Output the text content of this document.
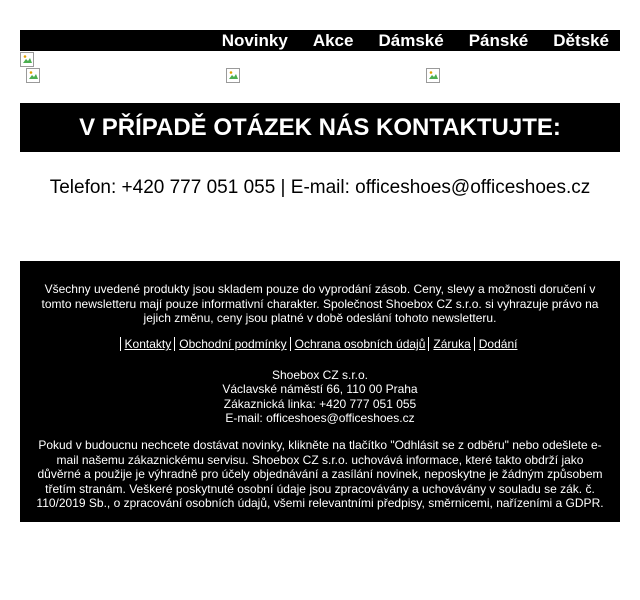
Novinky Akce Dámské Pánské Dětské
V PŘÍPADĚ OTÁZEK NÁS KONTAKTUJTE:
Telefon: +420 777 051 055 | E-mail: officeshoes@officeshoes.cz
Všechny uvedené produkty jsou skladem pouze do vyprodání zásob. Ceny, slevy a možnosti doručení v tomto newsletteru mají pouze informativní charakter. Společnost Shoebox CZ s.r.o. si vyhrazuje právo na jejich změnu, ceny jsou platné v době odeslání tohoto newsletteru.
Kontakty Obchodní podmínky Ochrana osobních údajů Záruka Dodání
Shoebox CZ s.r.o.
Václavské náměstí 66, 110 00 Praha
Zákaznická linka: +420 777 051 055
E-mail: officeshoes@officeshoes.cz
Pokud v budoucnu nechcete dostávat novinky, klikněte na tlačítko "Odhlásit se z odběru" nebo odešlete e-mail našemu zákaznickému servisu. Shoebox CZ s.r.o. uchovává informace, které takto obdrží jako důvěrné a použije je výhradně pro účely objednávání a zasílání novinek, neposkytne je žádným způsobem třetím stranám. Veškeré poskytnuté osobní údaje jsou zpracovávány a uchovávány v souladu se zák. č. 110/2019 Sb., o zpracování osobních údajů, všemi relevantními předpisy, směrnicemi, nařízeními a GDPR.
